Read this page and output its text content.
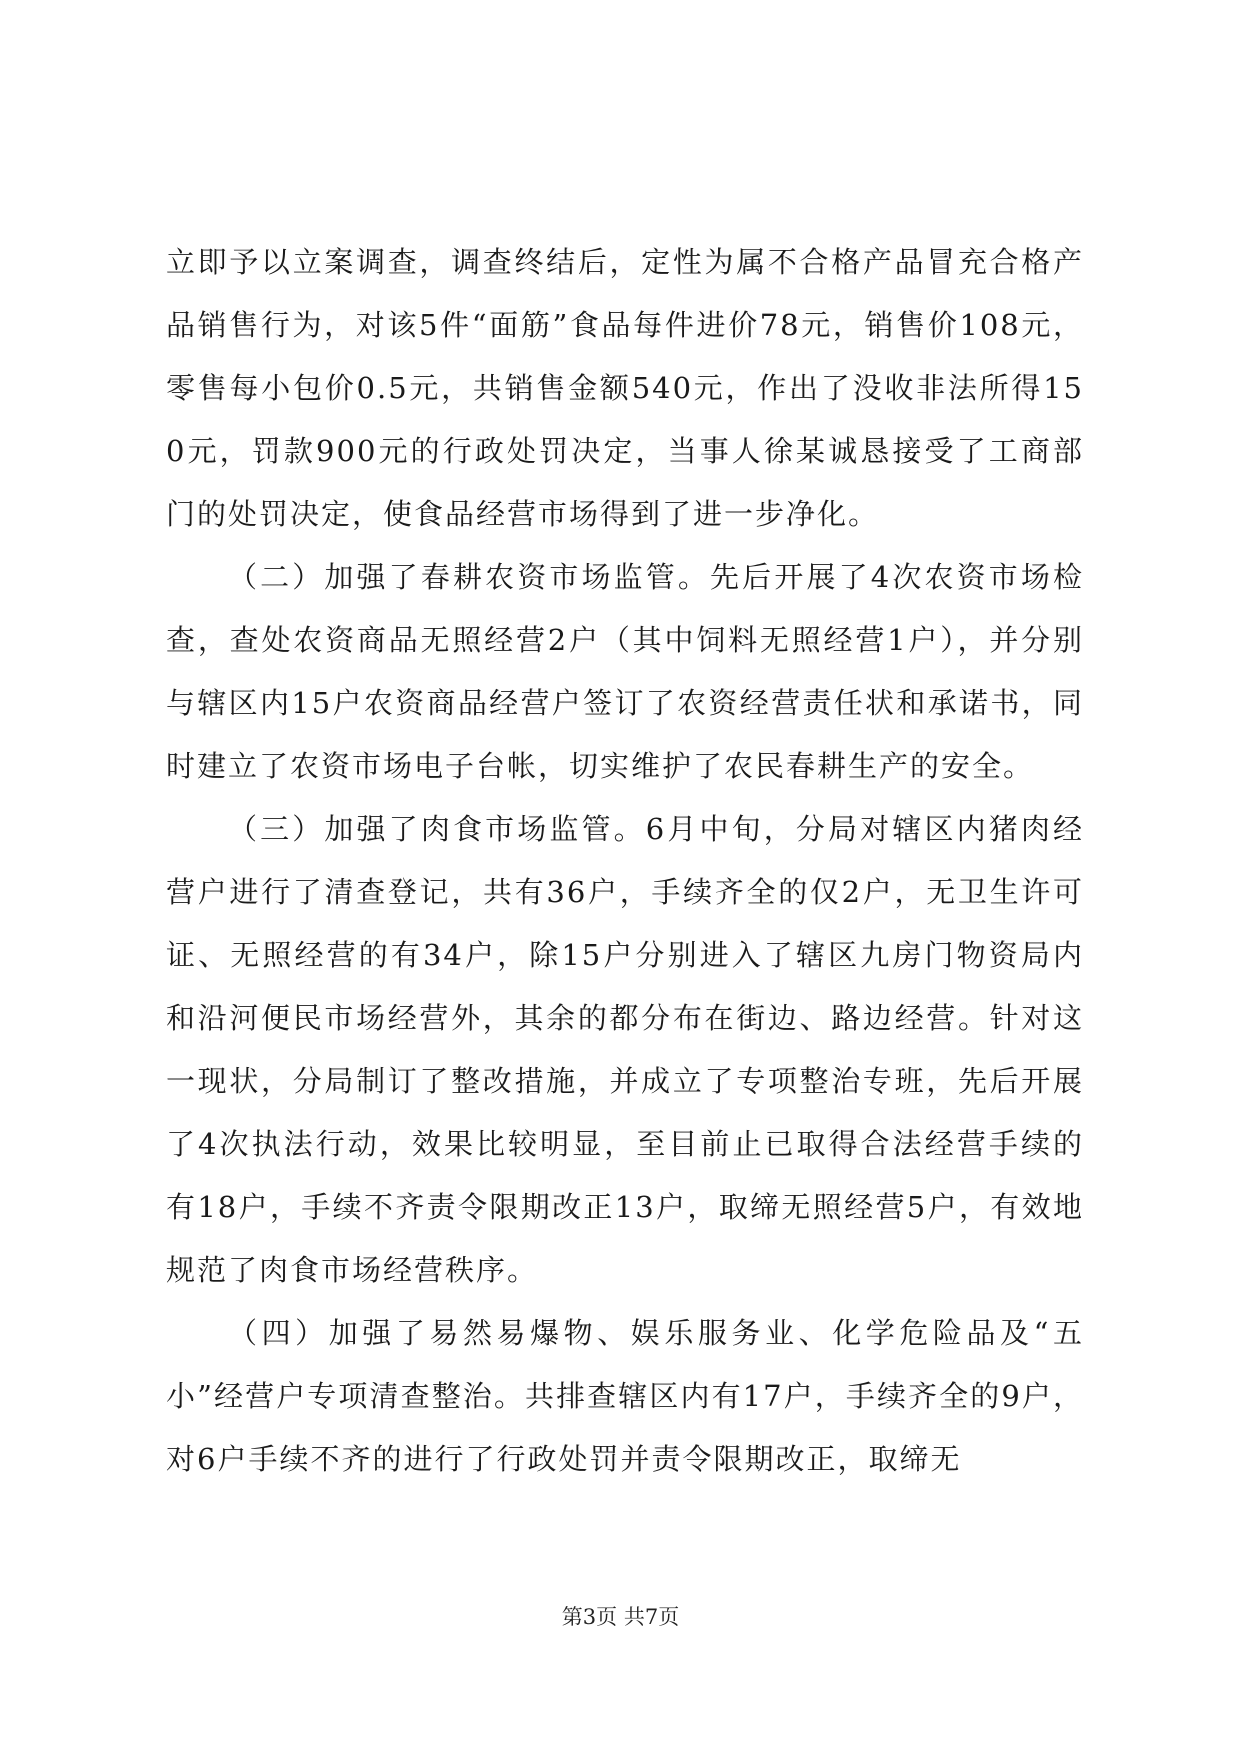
立即予以立案调查，调查终结后，定性为属不合格产品冒充合格产品销售行为，对该5件“面筋”食品每件进价78元，销售价108元，零售每小包价0.5元，共销售金额540元，作出了没收非法所得150元，罚款900元的行政处罚决定，当事人徐某诚恳接受了工商部门的处罚决定，使食品经营市场得到了进一步净化。

（二）加强了春耕农资市场监管。先后开展了4次农资市场检查，查处农资商品无照经营2户（其中饲料无照经营1户），并分别与辖区内15户农资商品经营户签订了农资经营责任状和承诺书，同时建立了农资市场电子台帐，切实维护了农民春耕生产的安全。

（三）加强了肉食市场监管。6月中旬，分局对辖区内猪肉经营户进行了清查登记，共有36户，手续齐全的仅2户，无卫生许可证、无照经营的有34户，除15户分别进入了辖区九房门物资局内和沿河便民市场经营外，其余的都分布在街边、路边经营。针对这一现状，分局制订了整改措施，并成立了专项整治专班，先后开展了4次执法行动，效果比较明显，至目前止已取得合法经营手续的有18户，手续不齐责令限期改正13户，取缔无照经营5户，有效地规范了肉食市场经营秩序。

（四）加强了易然易爆物、娱乐服务业、化学危险品及“五小”经营户专项清查整治。共排查辖区内有17户，手续齐全的9户，对6户手续不齐的进行了行政处罚并责令限期改正，取缔无

第3页 共7页
